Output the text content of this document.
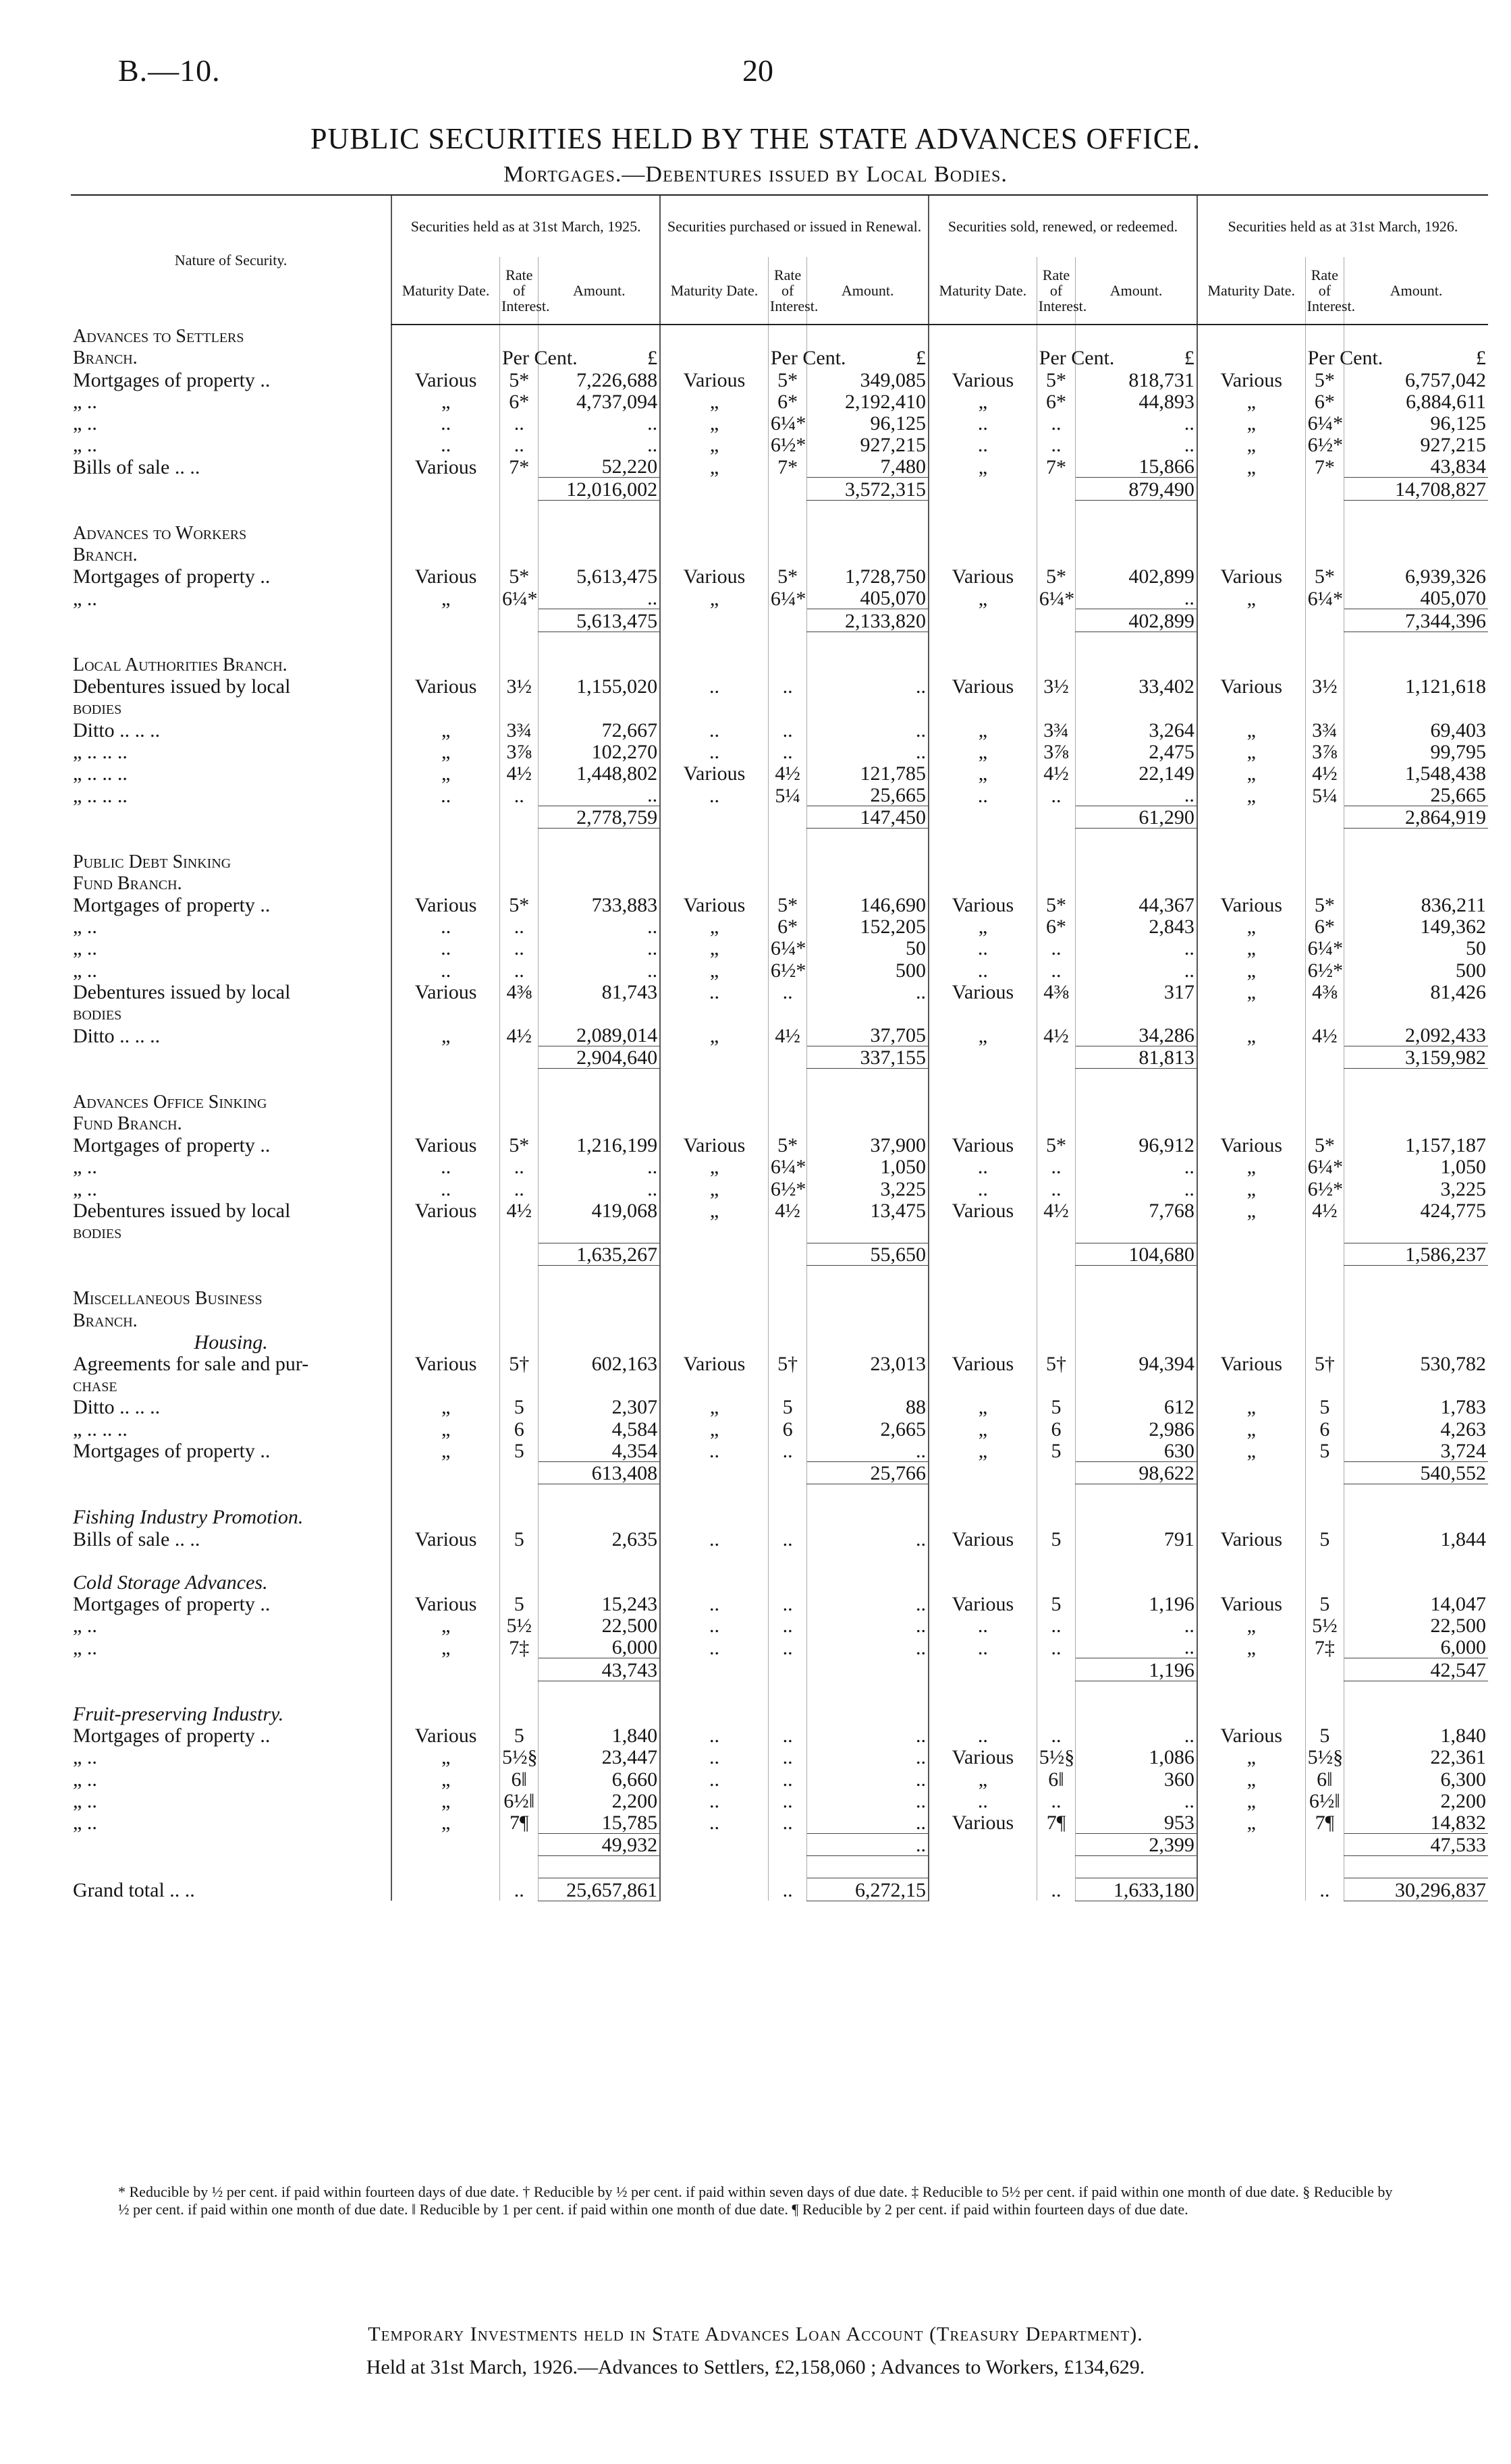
B.—10.	20
PUBLIC SECURITIES HELD BY THE STATE ADVANCES OFFICE.
Mortgages.—Debentures issued by Local Bodies.
Nature of Security.	Securities held as at 31st March, 1925.			Securities purchased or issued in Renewal.			Securities sold, renewed, or redeemed.			Securities held as at 31st March, 1926.		
	Maturity Date.	Rate of Interest.	Amount.	Maturity Date.	Rate of Interest.	Amount.	Maturity Date.	Rate of Interest.	Amount.	Maturity Date.	Rate of Interest.	Amount.
Advances to Settlers												
Branch.		Per Cent.	£		Per Cent.	£		Per Cent.	£		Per Cent.	£
Mortgages of property ..	Various	5*	7,226,688	Various	5*	349,085	Various	5*	818,731	Various	5*	6,757,042
„ ..	„	6*	4,737,094	„	6*	2,192,410	„	6*	44,893	„	6*	6,884,611
„ ..	..	..	..	„	6¼*	96,125	..	..	..	„	6¼*	96,125
„ ..	..	..	..	„	6½*	927,215	..	..	..	„	6½*	927,215
Bills of sale .. ..	Various	7*	52,220	„	7*	7,480	„	7*	15,866	„	7*	43,834
			12,016,002			3,572,315			879,490			14,708,827

Advances to Workers												
Branch.												
Mortgages of property ..	Various	5*	5,613,475	Various	5*	1,728,750	Various	5*	402,899	Various	5*	6,939,326
„ ..	„	6¼*	..	„	6¼*	405,070	„	6¼*	..	„	6¼*	405,070
			5,613,475			2,133,820			402,899			7,344,396

Local Authorities Branch.												
Debentures issued by local	Various	3½	1,155,020	..	..	..	Various	3½	33,402	Various	3½	1,121,618
bodies												
Ditto .. .. ..	„	3¾	72,667	..	..	..	„	3¾	3,264	„	3¾	69,403
„ .. .. ..	„	3⅞	102,270	..	..	..	„	3⅞	2,475	„	3⅞	99,795
„ .. .. ..	„	4½	1,448,802	Various	4½	121,785	„	4½	22,149	„	4½	1,548,438
„ .. .. ..	..	..	..	..	5¼	25,665	..	..	..	„	5¼	25,665
			2,778,759			147,450			61,290			2,864,919

Public Debt Sinking												
Fund Branch.												
Mortgages of property ..	Various	5*	733,883	Various	5*	146,690	Various	5*	44,367	Various	5*	836,211
„ ..	..	..	..	„	6*	152,205	„	6*	2,843	„	6*	149,362
„ ..	..	..	..	„	6¼*	50	..	..	..	„	6¼*	50
„ ..	..	..	..	„	6½*	500	..	..	..	„	6½*	500
Debentures issued by local	Various	4⅜	81,743	..	..	..	Various	4⅜	317	„	4⅜	81,426
bodies												
Ditto .. .. ..	„	4½	2,089,014	„	4½	37,705	„	4½	34,286	„	4½	2,092,433
			2,904,640			337,155			81,813			3,159,982

Advances Office Sinking												
Fund Branch.												
Mortgages of property ..	Various	5*	1,216,199	Various	5*	37,900	Various	5*	96,912	Various	5*	1,157,187
„ ..	..	..	..	„	6¼*	1,050	..	..	..	„	6¼*	1,050
„ ..	..	..	..	„	6½*	3,225	..	..	..	„	6½*	3,225
Debentures issued by local	Various	4½	419,068	„	4½	13,475	Various	4½	7,768	„	4½	424,775
bodies												
			1,635,267			55,650			104,680			1,586,237

Miscellaneous Business												
Branch.												
Housing.												
Agreements for sale and pur-	Various	5†	602,163	Various	5†	23,013	Various	5†	94,394	Various	5†	530,782
chase												
Ditto .. .. ..	„	5	2,307	„	5	88	„	5	612	„	5	1,783
„ .. .. ..	„	6	4,584	„	6	2,665	„	6	2,986	„	6	4,263
Mortgages of property ..	„	5	4,354	..	..	..	„	5	630	„	5	3,724
			613,408			25,766			98,622			540,552

Fishing Industry Promotion.												
Bills of sale .. ..	Various	5	2,635	..	..	..	Various	5	791	Various	5	1,844

Cold Storage Advances.												
Mortgages of property ..	Various	5	15,243	..	..	..	Various	5	1,196	Various	5	14,047
„ ..	„	5½	22,500	..	..	..	..	..	..	„	5½	22,500
„ ..	„	7‡	6,000	..	..	..	..	..	..	„	7‡	6,000
			43,743						1,196			42,547

Fruit-preserving Industry.												
Mortgages of property ..	Various	5	1,840	..	..	..	..	..	..	Various	5	1,840
„ ..	„	5½§	23,447	..	..	..	Various	5½§	1,086	„	5½§	22,361
„ ..	„	6‖	6,660	..	..	..	„	6‖	360	„	6‖	6,300
„ ..	„	6½‖	2,200	..	..	..	..	..	..	„	6½‖	2,200
„ ..	„	7¶	15,785	..	..	..	Various	7¶	953	„	7¶	14,832
			49,932			..			2,399			47,533

Grand total .. ..		..	25,657,861		..	6,272,15		..	1,633,180		..	30,296,837
* Reducible by ½ per cent. if paid within fourteen days of due date. † Reducible by ½ per cent. if paid within seven days of due date. ‡ Reducible to 5½ per cent. if paid within one month of due date. § Reducible by ½ per cent. if paid within one month of due date. ‖ Reducible by 1 per cent. if paid within one month of due date. ¶ Reducible by 2 per cent. if paid within fourteen days of due date.
Temporary Investments held in State Advances Loan Account (Treasury Department).
Held at 31st March, 1926.—Advances to Settlers, £2,158,060 ; Advances to Workers, £134,629.
